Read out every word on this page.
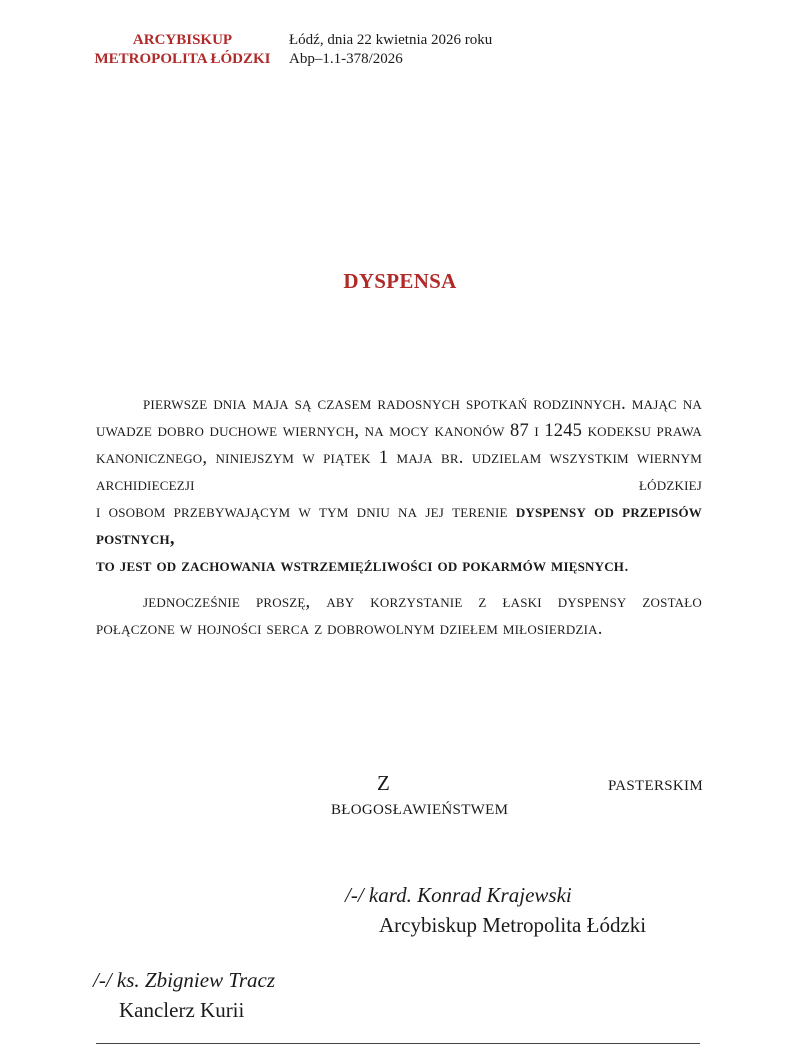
ARCYBISKUP
METROPOLITA ŁÓDZKI
Łódź, dnia 22 kwietnia 2026 roku
Abp–1.1-378/2026
DYSPENSA

pierwsze dnia maja są czasem radosnych spotkań rodzinnych. mając na uwadze dobro duchowe wiernych, na mocy kanonów 87 i 1245 kodeksu prawa kanonicznego, niniejszym w piątek 1 maja br. udzielam wszystkim wiernym archidiecezji łódzkiej

i osobom przebywającym w tym dniu na jej terenie dyspensy od przepisów postnych,

to jest od zachowania wstrzemięźliwości od pokarmów mięsnych.

jednocześnie proszę, aby korzystanie z łaski dyspensy zostało połączone w hojności serca z dobrowolnym dziełem miłosierdzia.

Z	PASTERSKIM
BŁOGOSŁAWIEŃSTWEM
/-/ kard. Konrad Krajewski
Arcybiskup Metropolita Łódzki
/-/ ks. Zbigniew Tracz
Kanclerz Kurii
